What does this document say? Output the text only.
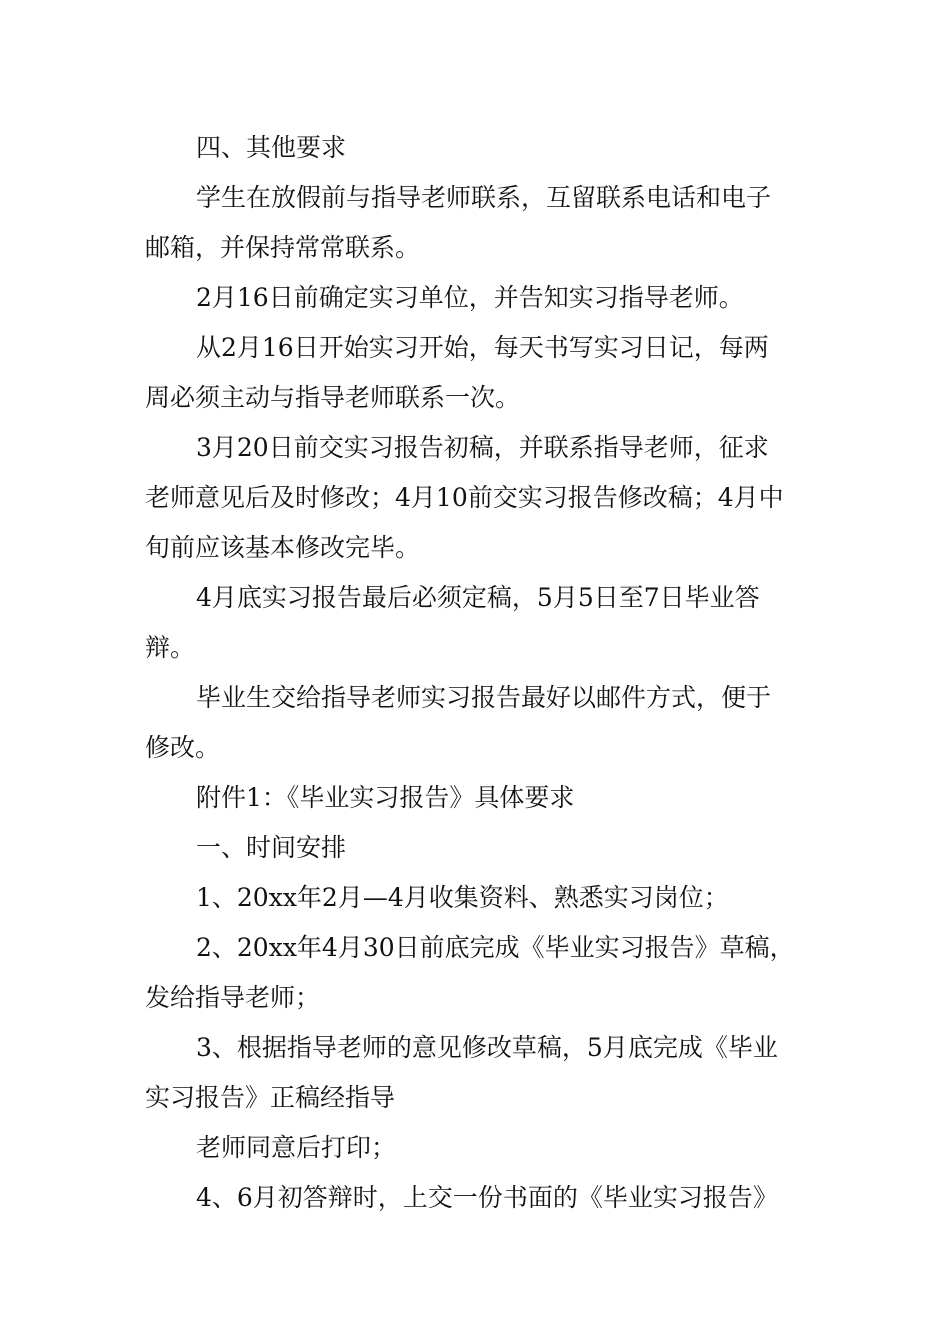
四、其他要求
学生在放假前与指导老师联系，互留联系电话和电子
邮箱，并保持常常联系。
2月16日前确定实习单位，并告知实习指导老师。
从2月16日开始实习开始，每天书写实习日记，每两
周必须主动与指导老师联系一次。
3月20日前交实习报告初稿，并联系指导老师，征求
老师意见后及时修改；4月10前交实习报告修改稿；4月中
旬前应该基本修改完毕。
4月底实习报告最后必须定稿，5月5日至7日毕业答
辩。
毕业生交给指导老师实习报告最好以邮件方式，便于
修改。
附件1：《毕业实习报告》具体要求
一、时间安排
1、20xx年2月—4月收集资料、熟悉实习岗位；
2、20xx年4月30日前底完成《毕业实习报告》草稿，
发给指导老师；
3、根据指导老师的意见修改草稿，5月底完成《毕业
实习报告》正稿经指导
老师同意后打印；
4、6月初答辩时，上交一份书面的《毕业实习报告》
